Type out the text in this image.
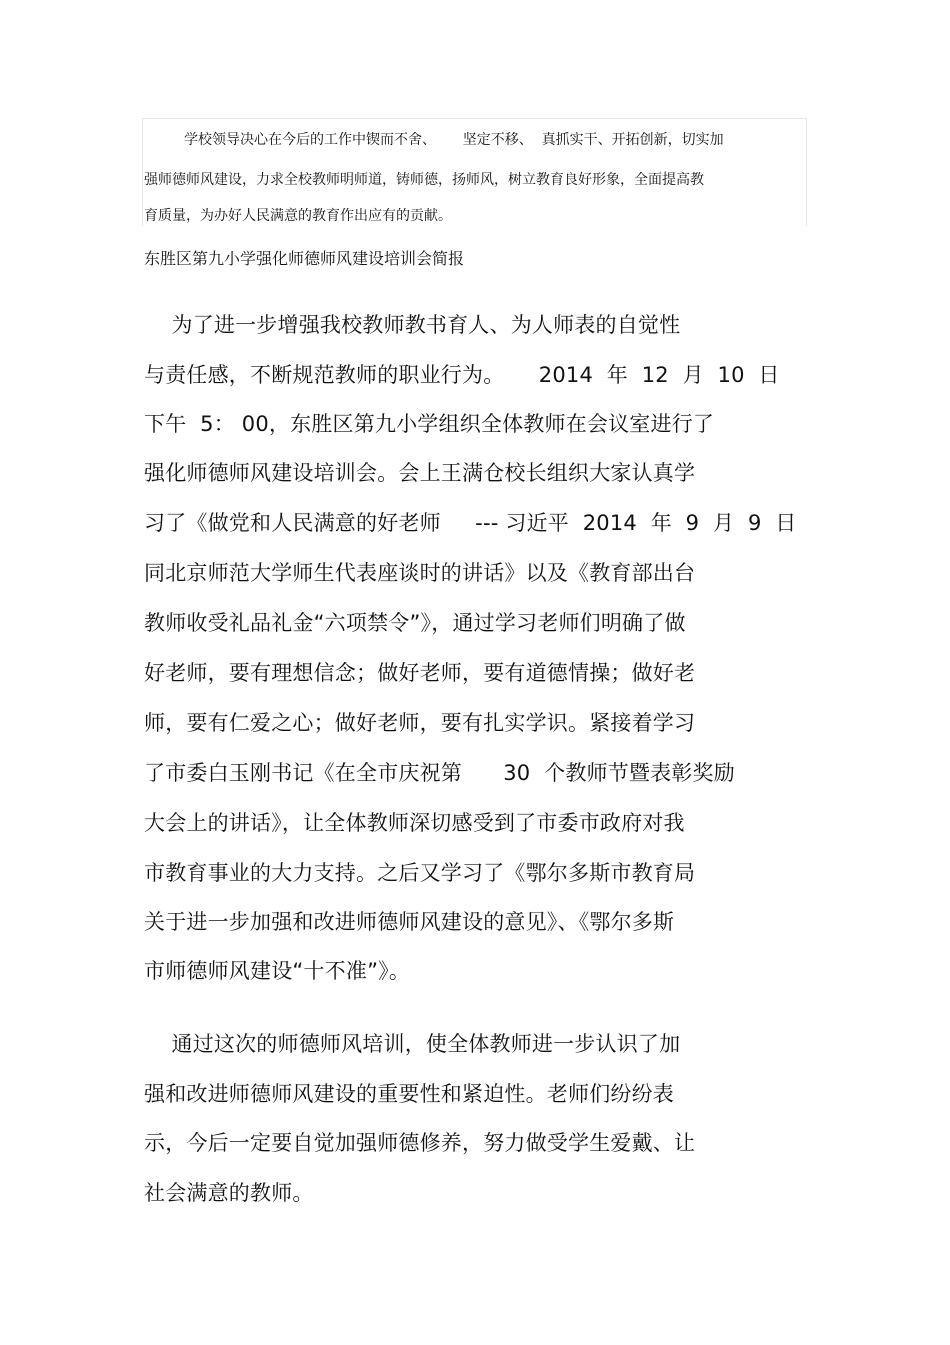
学校领导决心在今后的工作中锲而不舍、      坚定不移、  真抓实干、开拓创新，切实加
强师德师风建设，力求全校教师明师道，铸师德，扬师风，树立教育良好形象，全面提高教
育质量，为办好人民满意的教育作出应有的贡献。
东胜区第九小学强化师德师风建设培训会简报
为了进一步增强我校教师教书育人、为人师表的自觉性
与责任感，不断规范教师的职业行为。     2014  年  12  月  10  日
下午  5： 00，东胜区第九小学组织全体教师在会议室进行了
强化师德师风建设培训会。会上王满仓校长组织大家认真学
习了《做党和人民满意的好老师     --- 习近平  2014  年  9  月  9  日
同北京师范大学师生代表座谈时的讲话》以及《教育部出台
教师收受礼品礼金“六项禁令”》，通过学习老师们明确了做
好老师，要有理想信念；做好老师，要有道德情操；做好老
师，要有仁爱之心；做好老师，要有扎实学识。紧接着学习
了市委白玉刚书记《在全市庆祝第      30  个教师节暨表彰奖励
大会上的讲话》，让全体教师深切感受到了市委市政府对我
市教育事业的大力支持。之后又学习了《鄂尔多斯市教育局
关于进一步加强和改进师德师风建设的意见》、《鄂尔多斯
市师德师风建设“十不准”》。
通过这次的师德师风培训，使全体教师进一步认识了加
强和改进师德师风建设的重要性和紧迫性。老师们纷纷表
示，今后一定要自觉加强师德修养，努力做受学生爱戴、让
社会满意的教师。
